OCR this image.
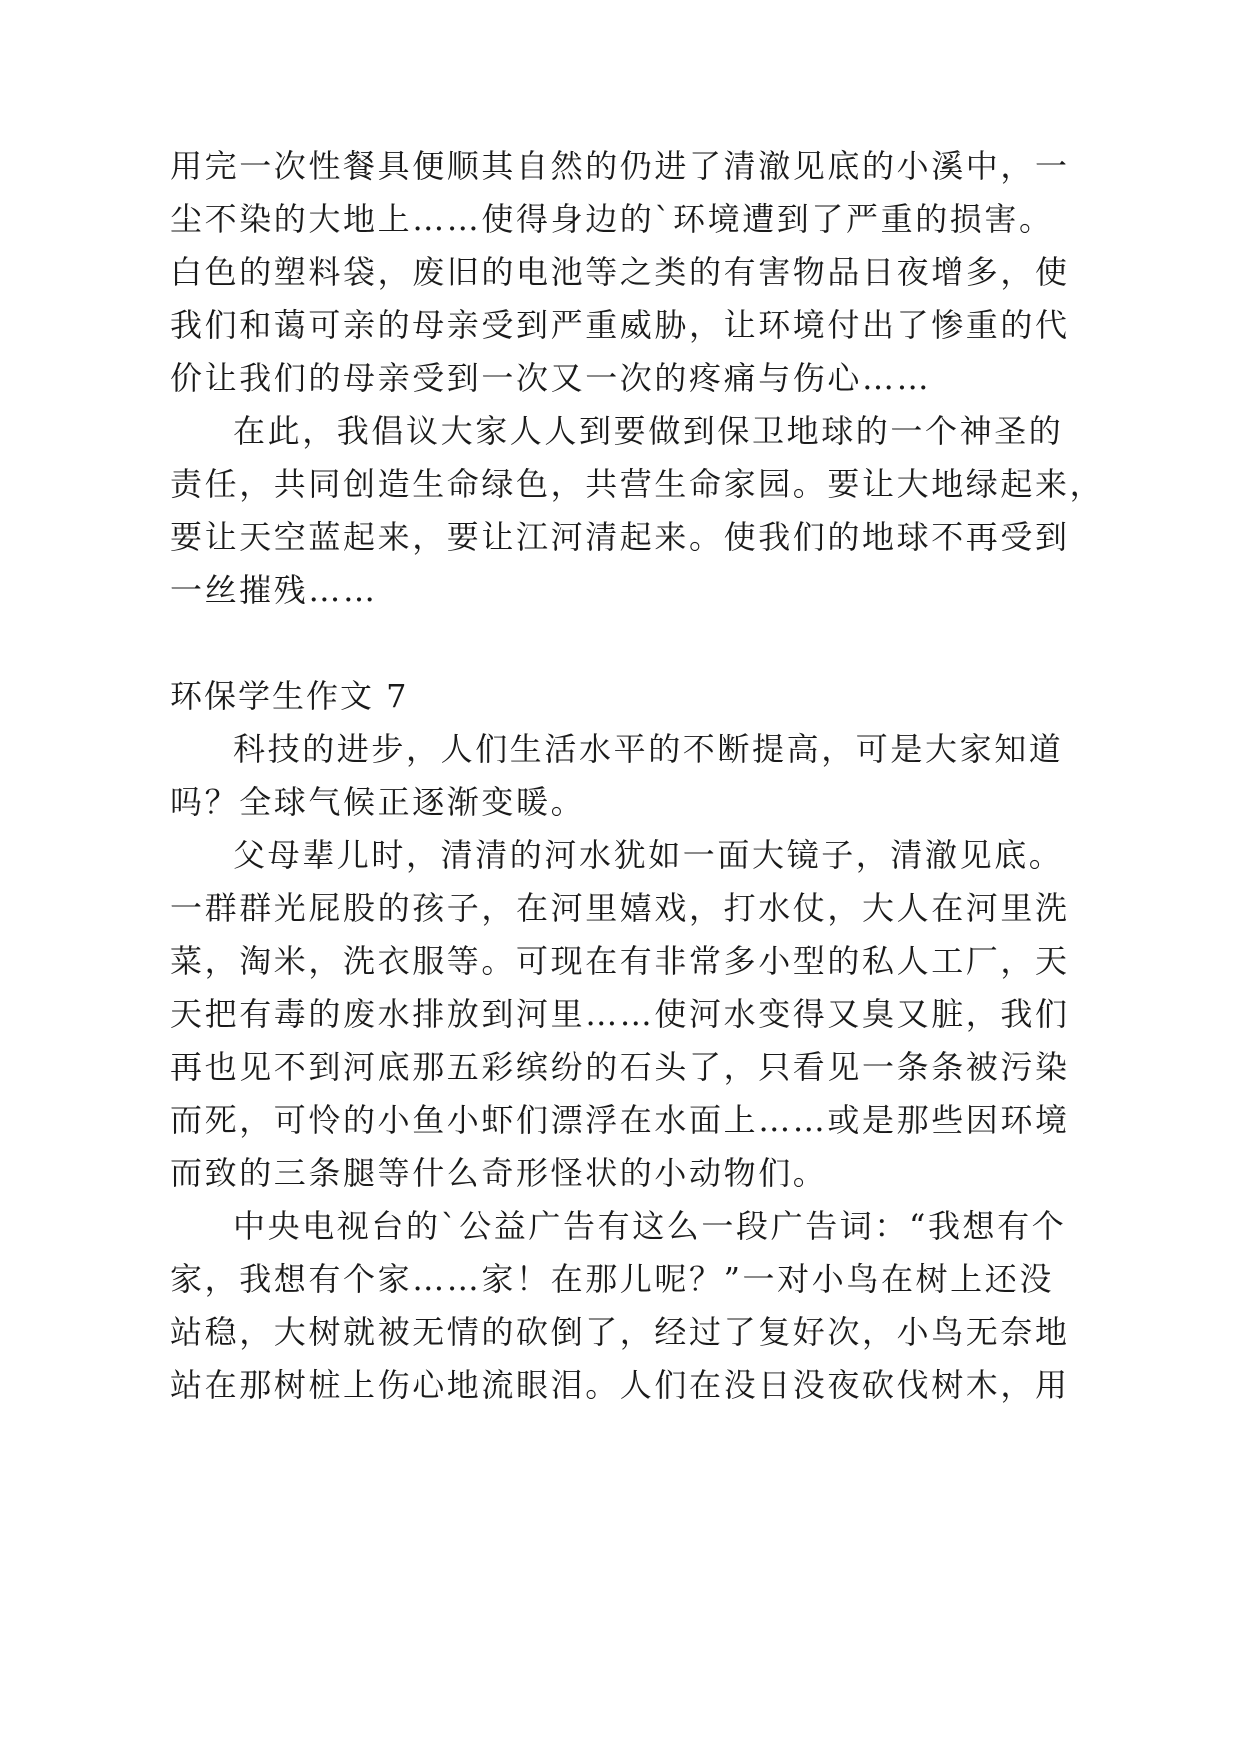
用完一次性餐具便顺其自然的仍进了清澈见底的小溪中，一
尘不染的大地上……使得身边的`环境遭到了严重的损害。
白色的塑料袋，废旧的电池等之类的有害物品日夜增多，使
我们和蔼可亲的母亲受到严重威胁，让环境付出了惨重的代
价让我们的母亲受到一次又一次的疼痛与伤心……
在此，我倡议大家人人到要做到保卫地球的一个神圣的
责任，共同创造生命绿色，共营生命家园。要让大地绿起来，
要让天空蓝起来，要让江河清起来。使我们的地球不再受到
一丝摧残……
环保学生作文 7
科技的进步，人们生活水平的不断提高，可是大家知道
吗？全球气候正逐渐变暖。
父母辈儿时，清清的河水犹如一面大镜子，清澈见底。
一群群光屁股的孩子，在河里嬉戏，打水仗，大人在河里洗
菜，淘米，洗衣服等。可现在有非常多小型的私人工厂，天
天把有毒的废水排放到河里……使河水变得又臭又脏，我们
再也见不到河底那五彩缤纷的石头了，只看见一条条被污染
而死，可怜的小鱼小虾们漂浮在水面上……或是那些因环境
而致的三条腿等什么奇形怪状的小动物们。
中央电视台的`公益广告有这么一段广告词：“我想有个
家，我想有个家……家！在那儿呢？”一对小鸟在树上还没
站稳，大树就被无情的砍倒了，经过了复好次，小鸟无奈地
站在那树桩上伤心地流眼泪。人们在没日没夜砍伐树木，用
